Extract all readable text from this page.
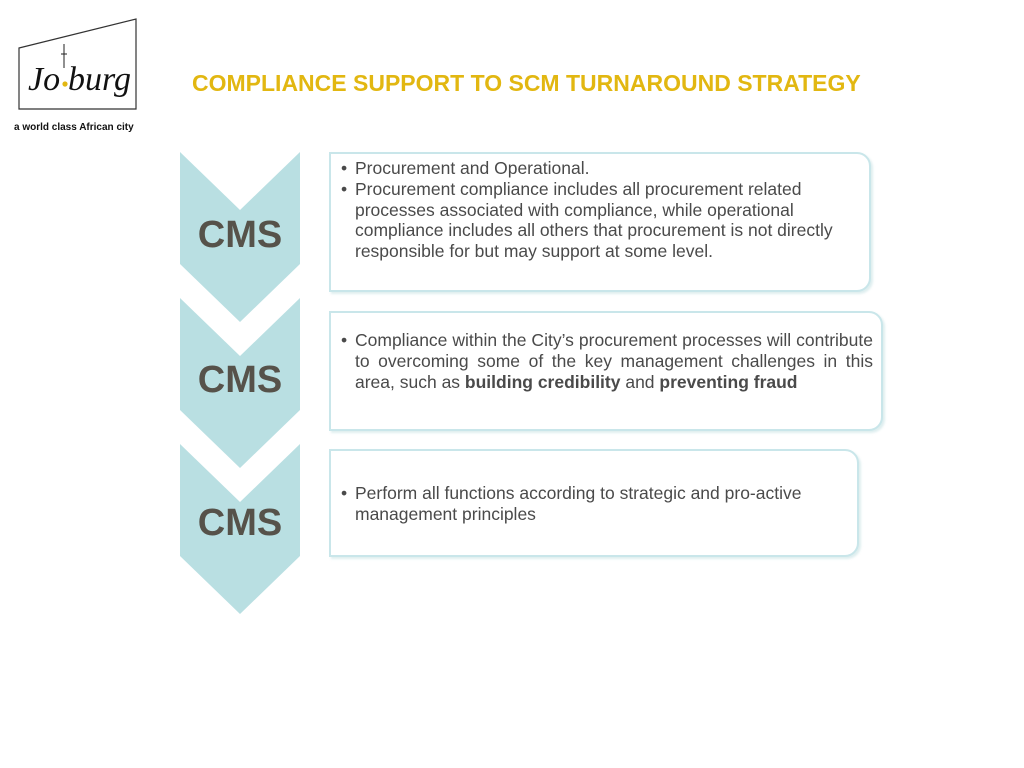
Jo burg
a world class African city
COMPLIANCE SUPPORT TO SCM TURNAROUND STRATEGY
CMS
CMS
CMS
• Procurement and Operational.
• Procurement compliance includes all procurement related processes associated with compliance, while operational compliance includes all others that procurement is not directly responsible for but may support at some level.
• Compliance within the City’s procurement processes will contribute to overcoming some of the key management challenges in this area, such as building credibility and preventing fraud
• Perform all functions according to strategic and pro-active management principles
